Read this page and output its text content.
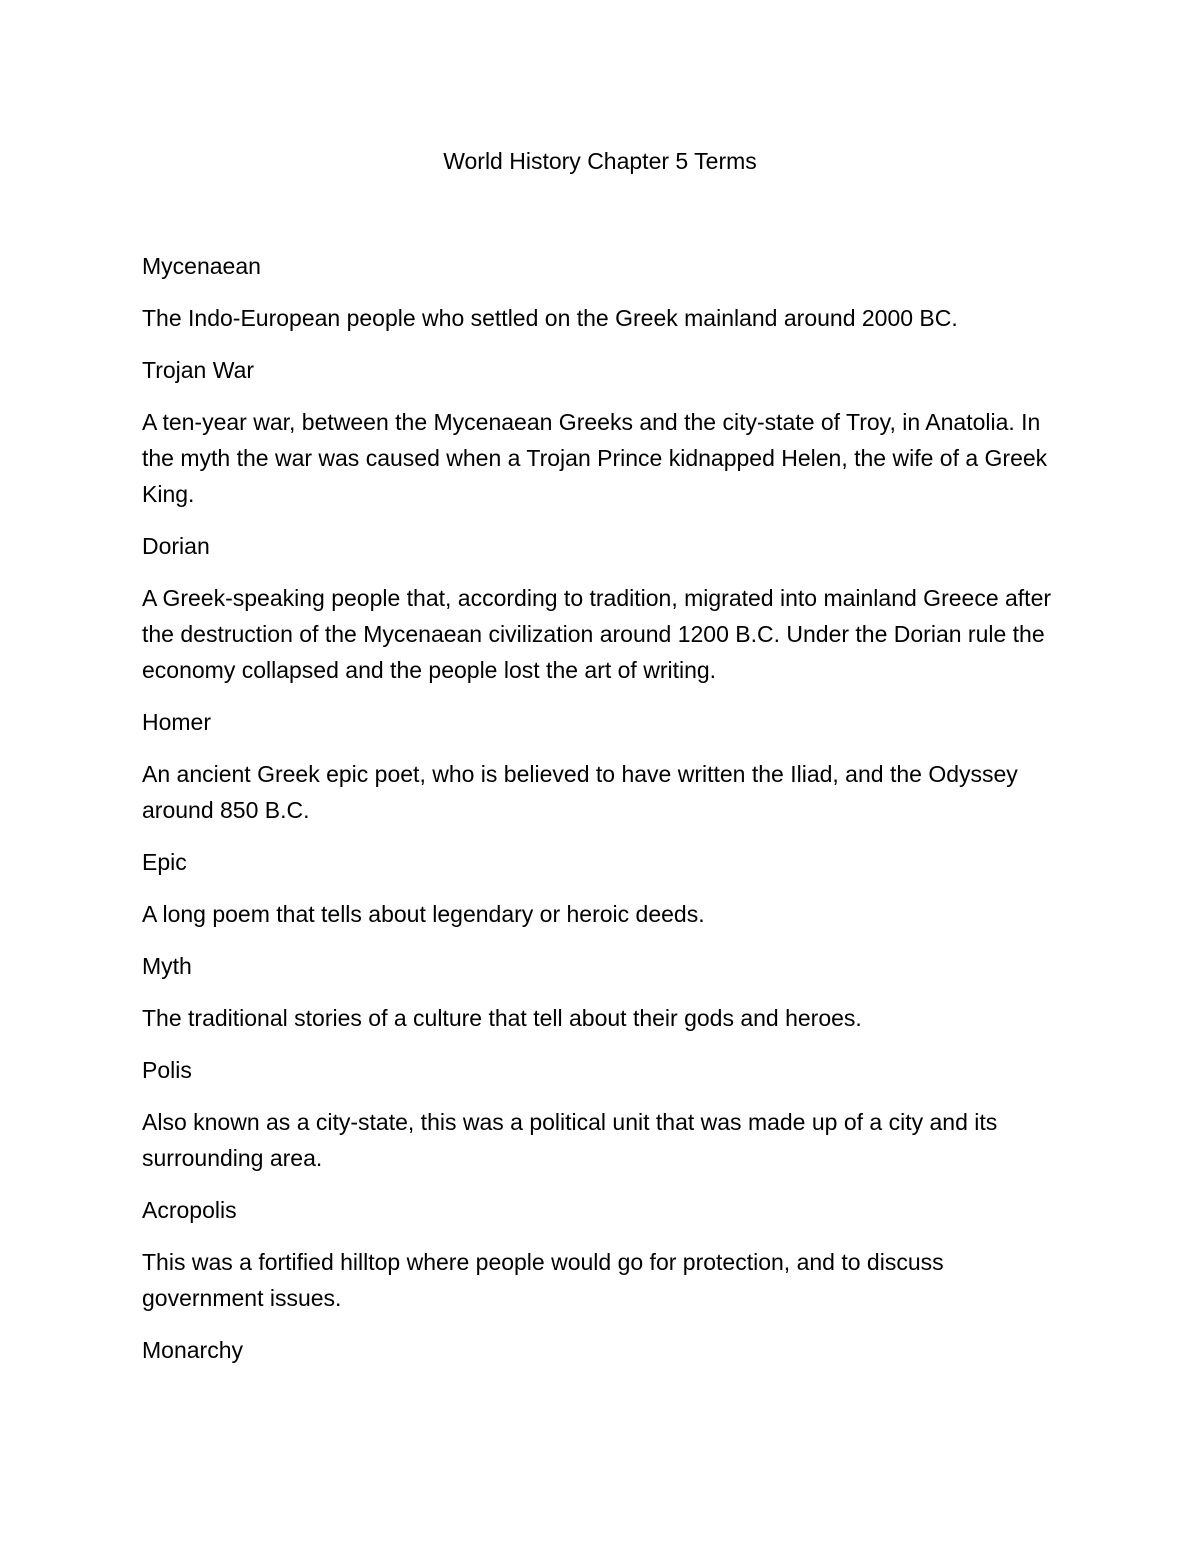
World History Chapter 5 Terms

Mycenaean

The Indo-European people who settled on the Greek mainland around 2000 BC.

Trojan War

A ten-year war, between the Mycenaean Greeks and the city-state of Troy, in Anatolia. In the myth the war was caused when a Trojan Prince kidnapped Helen, the wife of a Greek King.

Dorian

A Greek-speaking people that, according to tradition, migrated into mainland Greece after the destruction of the Mycenaean civilization around 1200 B.C. Under the Dorian rule the economy collapsed and the people lost the art of writing.

Homer

An ancient Greek epic poet, who is believed to have written the Iliad, and the Odyssey around 850 B.C.

Epic

A long poem that tells about legendary or heroic deeds.

Myth

The traditional stories of a culture that tell about their gods and heroes.

Polis

Also known as a city-state, this was a political unit that was made up of a city and its surrounding area.

Acropolis

This was a fortified hilltop where people would go for protection, and to discuss government issues.

Monarchy
